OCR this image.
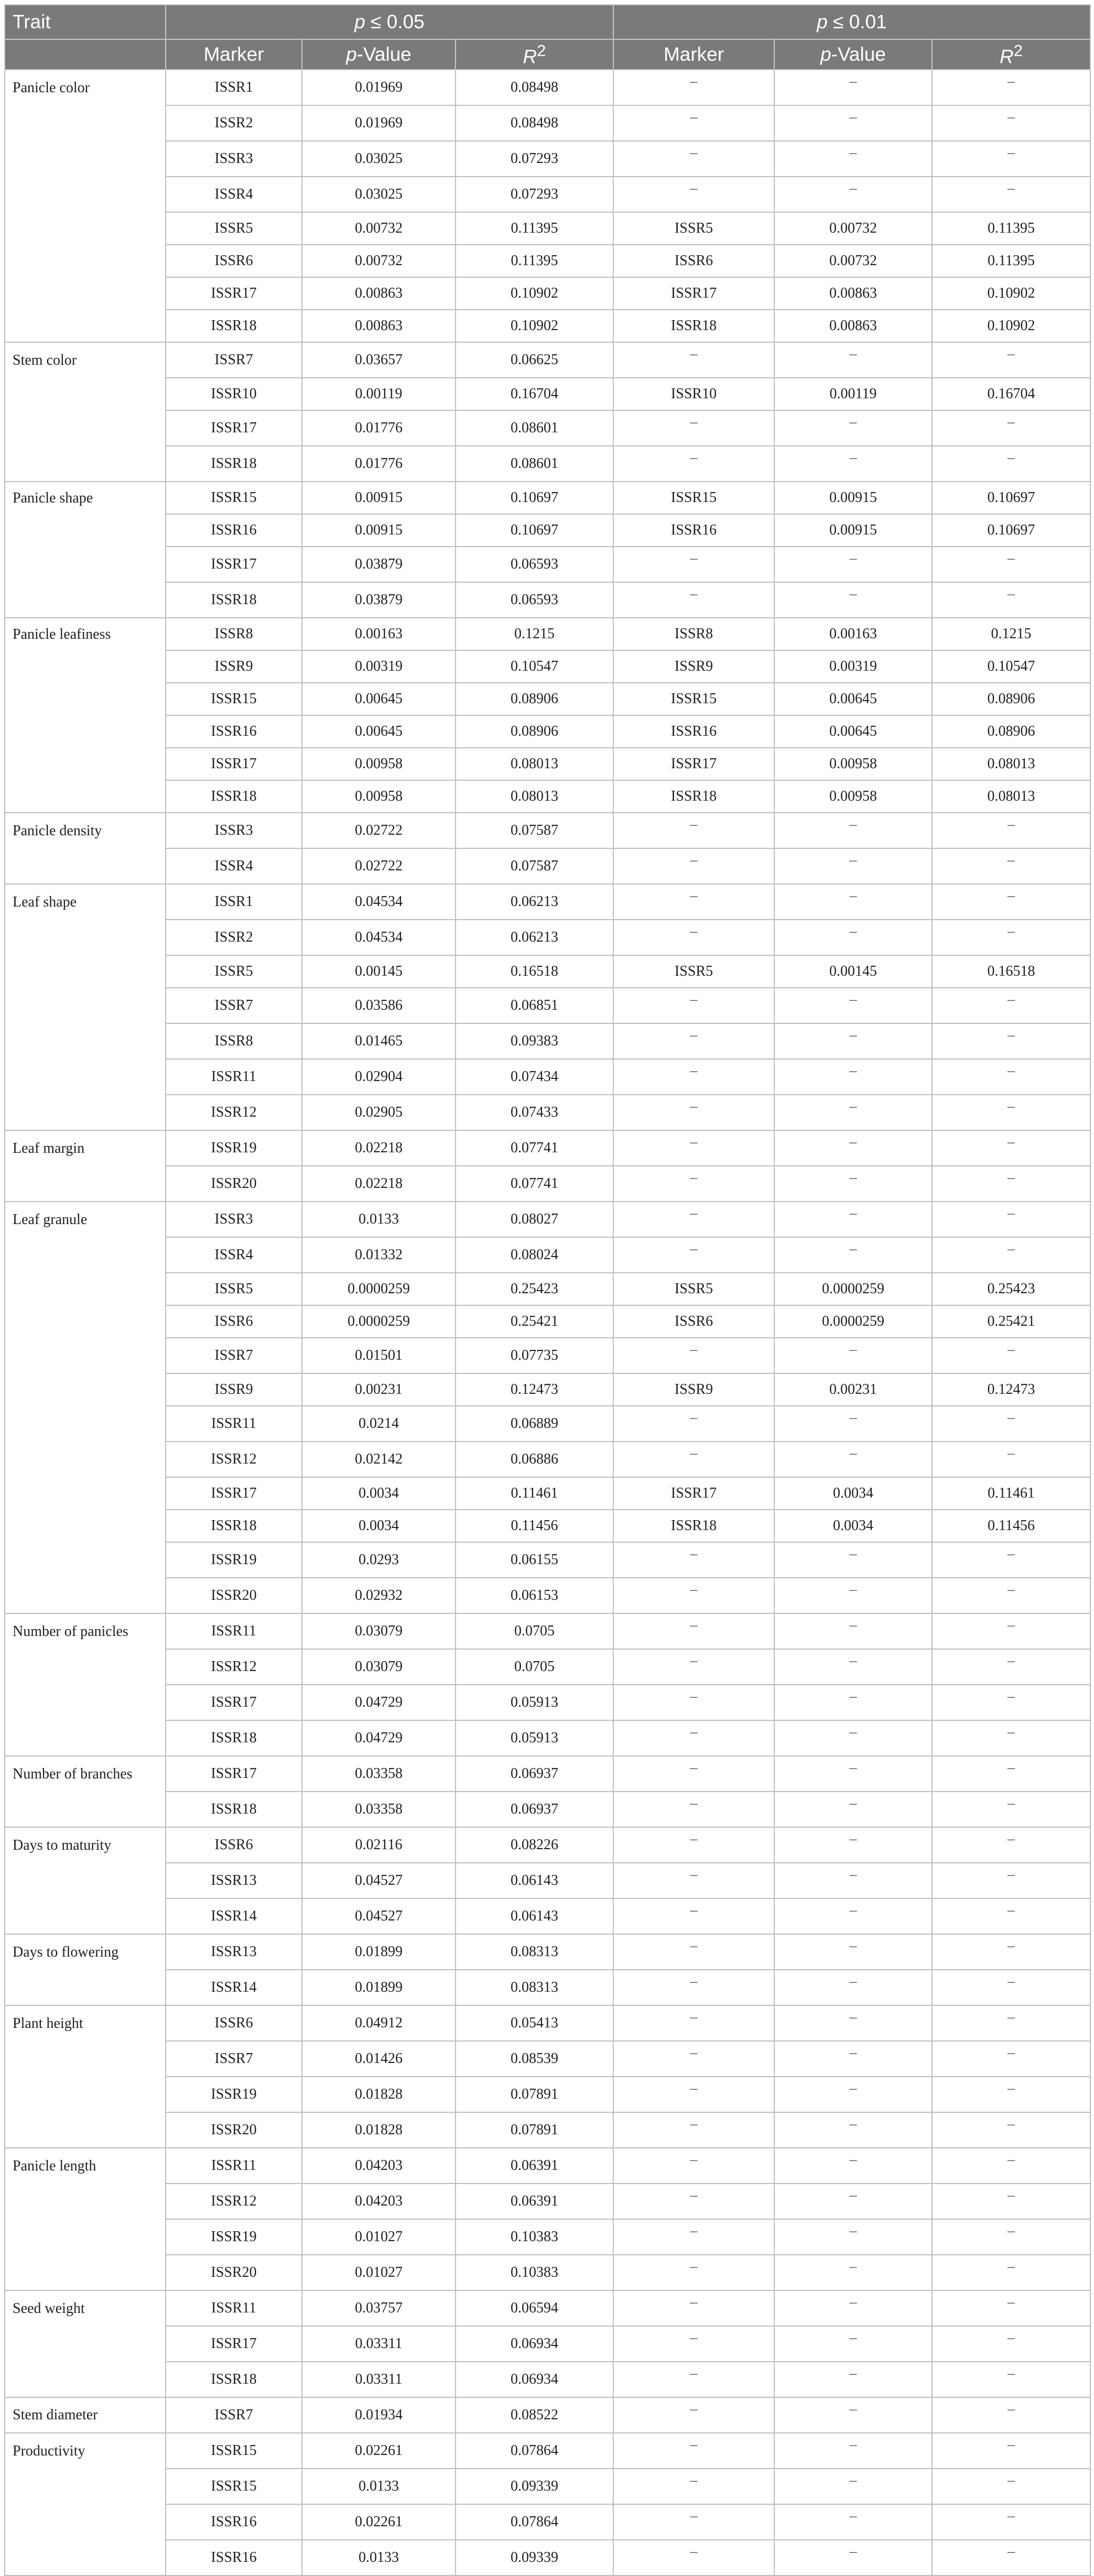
Trait	p ≤ 0.05			p ≤ 0.01		
	Marker	p-Value	$R^2$	Marker	p-Value	$R^2$
Panicle color	ISSR1	0.01969	0.08498	–	–	–
	ISSR2	0.01969	0.08498	–	–	–
	ISSR3	0.03025	0.07293	–	–	–
	ISSR4	0.03025	0.07293	–	–	–
	ISSR5	0.00732	0.11395	ISSR5	0.00732	0.11395
	ISSR6	0.00732	0.11395	ISSR6	0.00732	0.11395
	ISSR17	0.00863	0.10902	ISSR17	0.00863	0.10902
	ISSR18	0.00863	0.10902	ISSR18	0.00863	0.10902
Stem color	ISSR7	0.03657	0.06625	–	–	–
	ISSR10	0.00119	0.16704	ISSR10	0.00119	0.16704
	ISSR17	0.01776	0.08601	–	–	–
	ISSR18	0.01776	0.08601	–	–	–
Panicle shape	ISSR15	0.00915	0.10697	ISSR15	0.00915	0.10697
	ISSR16	0.00915	0.10697	ISSR16	0.00915	0.10697
	ISSR17	0.03879	0.06593	–	–	–
	ISSR18	0.03879	0.06593	–	–	–
Panicle leafiness	ISSR8	0.00163	0.1215	ISSR8	0.00163	0.1215
	ISSR9	0.00319	0.10547	ISSR9	0.00319	0.10547
	ISSR15	0.00645	0.08906	ISSR15	0.00645	0.08906
	ISSR16	0.00645	0.08906	ISSR16	0.00645	0.08906
	ISSR17	0.00958	0.08013	ISSR17	0.00958	0.08013
	ISSR18	0.00958	0.08013	ISSR18	0.00958	0.08013
Panicle density	ISSR3	0.02722	0.07587	–	–	–
	ISSR4	0.02722	0.07587	–	–	–
Leaf shape	ISSR1	0.04534	0.06213	–	–	–
	ISSR2	0.04534	0.06213	–	–	–
	ISSR5	0.00145	0.16518	ISSR5	0.00145	0.16518
	ISSR7	0.03586	0.06851	–	–	–
	ISSR8	0.01465	0.09383	–	–	–
	ISSR11	0.02904	0.07434	–	–	–
	ISSR12	0.02905	0.07433	–	–	–
Leaf margin	ISSR19	0.02218	0.07741	–	–	–
	ISSR20	0.02218	0.07741	–	–	–
Leaf granule	ISSR3	0.0133	0.08027	–	–	–
	ISSR4	0.01332	0.08024	–	–	–
	ISSR5	0.0000259	0.25423	ISSR5	0.0000259	0.25423
	ISSR6	0.0000259	0.25421	ISSR6	0.0000259	0.25421
	ISSR7	0.01501	0.07735	–	–	–
	ISSR9	0.00231	0.12473	ISSR9	0.00231	0.12473
	ISSR11	0.0214	0.06889	–	–	–
	ISSR12	0.02142	0.06886	–	–	–
	ISSR17	0.0034	0.11461	ISSR17	0.0034	0.11461
	ISSR18	0.0034	0.11456	ISSR18	0.0034	0.11456
	ISSR19	0.0293	0.06155	–	–	–
	ISSR20	0.02932	0.06153	–	–	–
Number of panicles	ISSR11	0.03079	0.0705	–	–	–
	ISSR12	0.03079	0.0705	–	–	–
	ISSR17	0.04729	0.05913	–	–	–
	ISSR18	0.04729	0.05913	–	–	–
Number of branches	ISSR17	0.03358	0.06937	–	–	–
	ISSR18	0.03358	0.06937	–	–	–
Days to maturity	ISSR6	0.02116	0.08226	–	–	–
	ISSR13	0.04527	0.06143	–	–	–
	ISSR14	0.04527	0.06143	–	–	–
Days to flowering	ISSR13	0.01899	0.08313	–	–	–
	ISSR14	0.01899	0.08313	–	–	–
Plant height	ISSR6	0.04912	0.05413	–	–	–
	ISSR7	0.01426	0.08539	–	–	–
	ISSR19	0.01828	0.07891	–	–	–
	ISSR20	0.01828	0.07891	–	–	–
Panicle length	ISSR11	0.04203	0.06391	–	–	–
	ISSR12	0.04203	0.06391	–	–	–
	ISSR19	0.01027	0.10383	–	–	–
	ISSR20	0.01027	0.10383	–	–	–
Seed weight	ISSR11	0.03757	0.06594	–	–	–
	ISSR17	0.03311	0.06934	–	–	–
	ISSR18	0.03311	0.06934	–	–	–
Stem diameter	ISSR7	0.01934	0.08522	–	–	–
Productivity	ISSR15	0.02261	0.07864	–	–	–
	ISSR15	0.0133	0.09339	–	–	–
	ISSR16	0.02261	0.07864	–	–	–
	ISSR16	0.0133	0.09339	–	–	–
